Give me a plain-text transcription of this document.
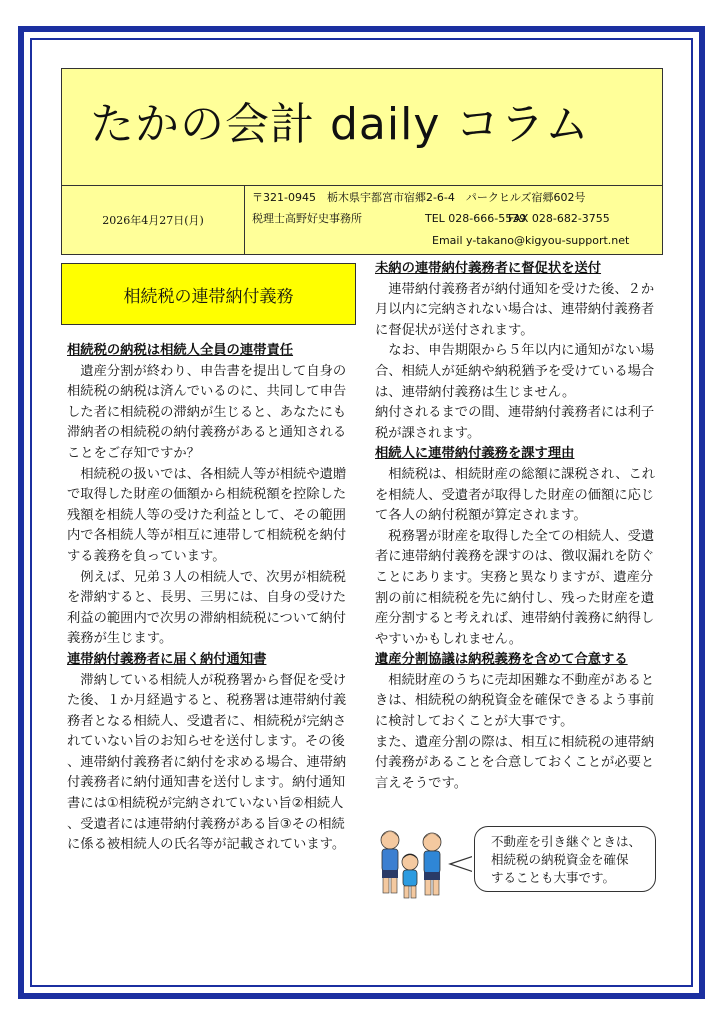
たかの会計 daily コラム
2026年4月27日(月)
〒321-0945　栃木県宇都宮市宿郷2-6-4　パークヒルズ宿郷602号
税理士高野好史事務所	TEL 028-666-5539
FAX 028-682-3755
Email y-takano@kigyou-support.net
相続税の連帯納付義務
相続税の納税は相続人全員の連帯責任

遺産分割が終わり、申告書を提出して自身の相続税の納税は済んでいるのに、共同して申告した者に相続税の滞納が生じると、あなたにも滞納者の相続税の納付義務があると通知されることをご存知ですか？

相続税の扱いでは、各相続人等が相続や遺贈で取得した財産の価額から相続税額を控除した残額を相続人等の受けた利益として、その範囲内で各相続人等が相互に連帯して相続税を納付する義務を負っています。

例えば、兄弟３人の相続人で、次男が相続税を滞納すると、長男、三男には、自身の受けた利益の範囲内で次男の滞納相続税について納付義務が生じます。

連帯納付義務者に届く納付通知書

滞納している相続人が税務署から督促を受けた後、１か月経過すると、税務署は連帯納付義務者となる相続人、受遺者に、相続税が完納されていない旨のお知らせを送付します。その後、連帯納付義務者に納付を求める場合、連帯納付義務者に納付通知書を送付します。納付通知書には①相続税が完納されていない旨②相続人、受遺者には連帯納付義務がある旨③その相続に係る被相続人の氏名等が記載されています。

未納の連帯納付義務者に督促状を送付

連帯納付義務者が納付通知を受けた後、２か月以内に完納されない場合は、連帯納付義務者に督促状が送付されます。

なお、申告期限から５年以内に通知がない場合、相続人が延納や納税猶予を受けている場合は、連帯納付義務は生じません。

納付されるまでの間、連帯納付義務者には利子税が課されます。

相続人に連帯納付義務を課す理由

相続税は、相続財産の総額に課税され、これを相続人、受遺者が取得した財産の価額に応じて各人の納付税額が算定されます。

税務署が財産を取得した全ての相続人、受遺者に連帯納付義務を課すのは、徴収漏れを防ぐことにあります。実務と異なりますが、遺産分割の前に相続税を先に納付し、残った財産を遺産分割すると考えれば、連帯納付義務に納得しやすいかもしれません。

遺産分割協議は納税義務を含めて合意する

相続財産のうちに売却困難な不動産があるときは、相続税の納税資金を確保できるよう事前に検討しておくことが大事です。

また、遺産分割の際は、相互に相続税の連帯納付義務があることを合意しておくことが必要と言えそうです。

不動産を引き継ぐときは、
相続税の納税資金を確保
することも大事です。
